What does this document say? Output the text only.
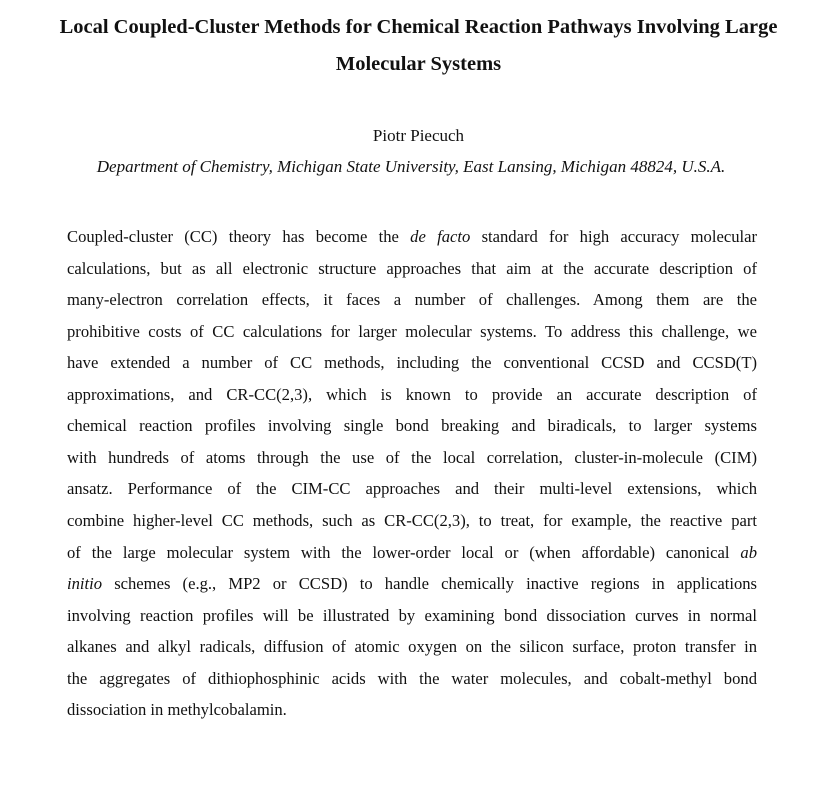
Local Coupled-Cluster Methods for Chemical Reaction Pathways Involving Large Molecular Systems

Piotr Piecuch

Department of Chemistry, Michigan State University, East Lansing, Michigan 48824, U.S.A.

Coupled-cluster (CC) theory has become the de facto standard for high accuracy molecular
calculations, but as all electronic structure approaches that aim at the accurate description of
many-electron correlation effects, it faces a number of challenges. Among them are the
prohibitive costs of CC calculations for larger molecular systems. To address this challenge, we
have extended a number of CC methods, including the conventional CCSD and CCSD(T)
approximations, and CR-CC(2,3), which is known to provide an accurate description of
chemical reaction profiles involving single bond breaking and biradicals, to larger systems
with hundreds of atoms through the use of the local correlation, cluster-in-molecule (CIM)
ansatz. Performance of the CIM-CC approaches and their multi-level extensions, which
combine higher-level CC methods, such as CR-CC(2,3), to treat, for example, the reactive part
of the large molecular system with the lower-order local or (when affordable) canonical ab
initio schemes (e.g., MP2 or CCSD) to handle chemically inactive regions in applications
involving reaction profiles will be illustrated by examining bond dissociation curves in normal
alkanes and alkyl radicals, diffusion of atomic oxygen on the silicon surface, proton transfer in
the aggregates of dithiophosphinic acids with the water molecules, and cobalt-methyl bond
dissociation in methylcobalamin.
